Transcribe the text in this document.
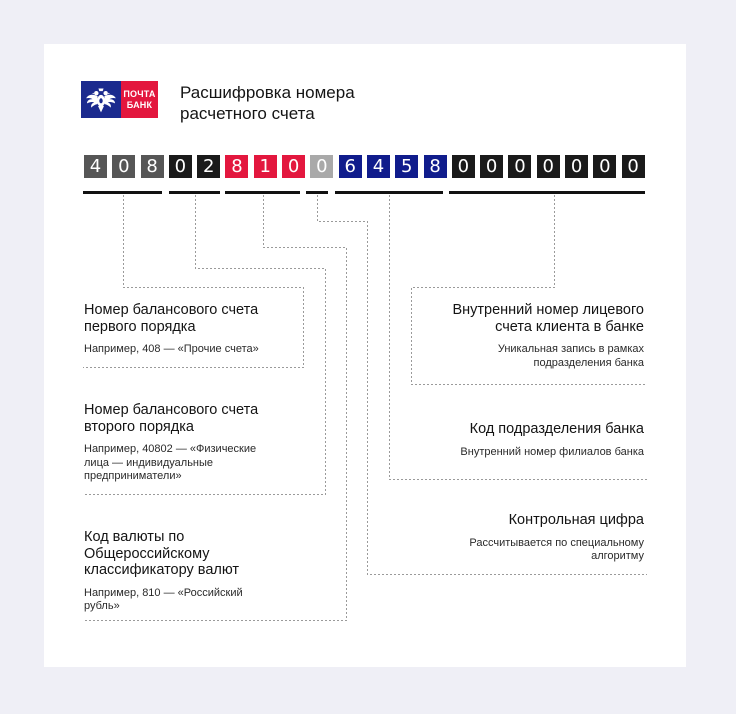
ПОЧТА
БАНК
Расшифровка номера
расчетного счета
4 0 8 0 2 8 1 0 0 6 4 5 8 0 0 0 0 0 0 0
Номер балансового счета
первого порядка
Например, 408 — «Прочие счета»
Номер балансового счета
второго порядка
Например, 40802 — «Физические
лица — индивидуальные
предприниматели»
Код валюты по
Общероссийскому
классификатору валют
Например, 810 — «Российский
рубль»
Внутренний номер лицевого
счета клиента в банке
Уникальная запись в рамках
подразделения банка
Код подразделения банка
Внутренний номер филиалов банка
Контрольная цифра
Рассчитывается по специальному
алгоритму
